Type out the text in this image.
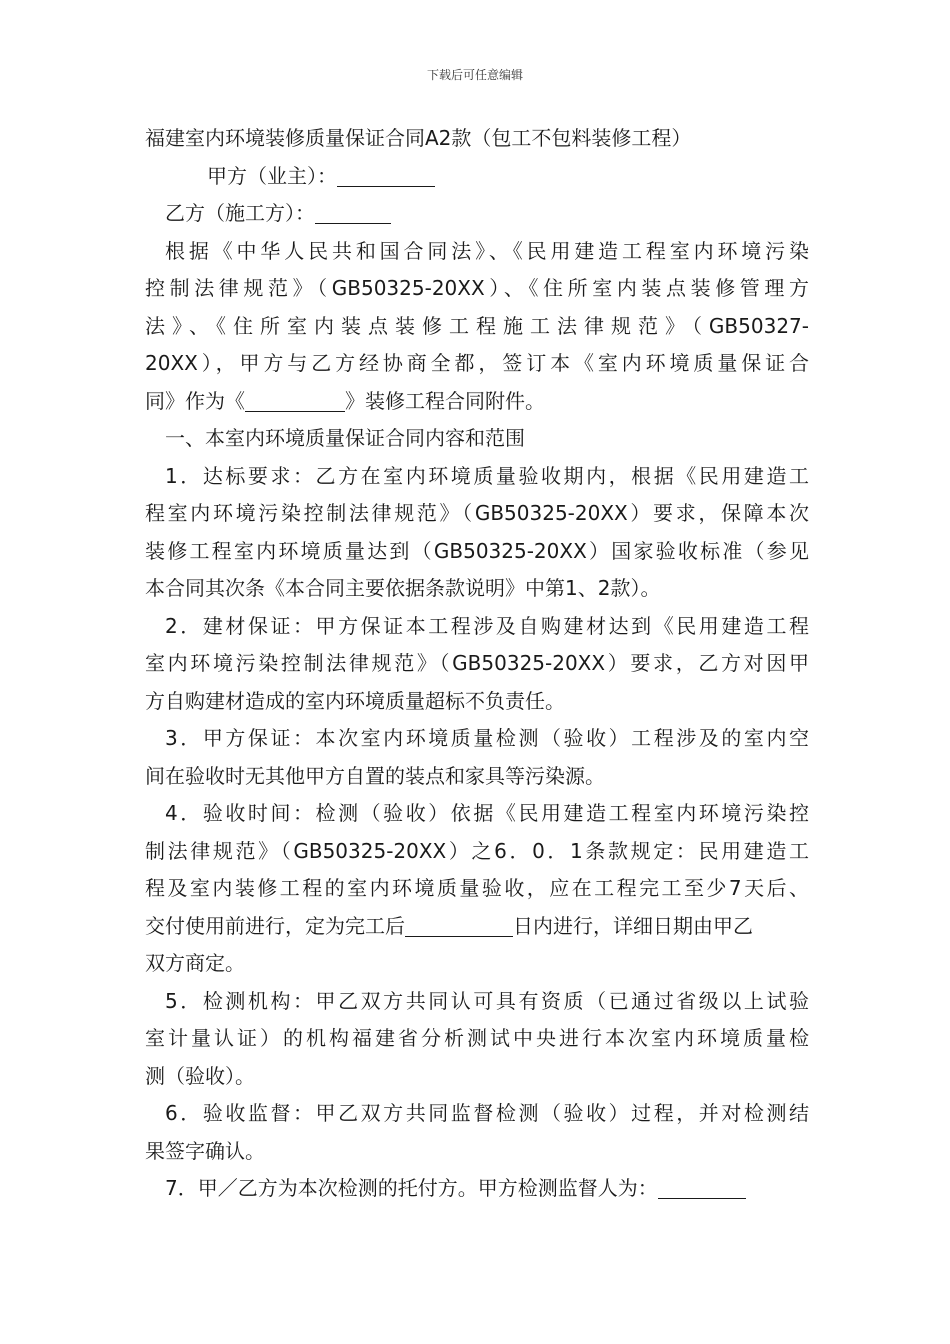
下载后可任意编辑

福建室内环境装修质量保证合同A2款（包工不包料装修工程）

甲方（业主）：

乙方（施工方）：

根据《中华人民共和国合同法》、《民用建造工程室内环境污染

控制法律规范》（GB50325-20XX）、《住所室内装点装修管理方

法》、《住所室内装点装修工程施工法律规范》（GB50327-

20XX），甲方与乙方经协商全都，签订本《室内环境质量保证合

同》作为《	》装修工程合同附件。

一、本室内环境质量保证合同内容和范围

1．达标要求：乙方在室内环境质量验收期内，根据《民用建造工

程室内环境污染控制法律规范》（GB50325-20XX）要求，保障本次

装修工程室内环境质量达到（GB50325-20XX）国家验收标准（参见

本合同其次条《本合同主要依据条款说明》中第1、2款）。

2．建材保证：甲方保证本工程涉及自购建材达到《民用建造工程

室内环境污染控制法律规范》（GB50325-20XX）要求，乙方对因甲

方自购建材造成的室内环境质量超标不负责任。

3．甲方保证：本次室内环境质量检测（验收）工程涉及的室内空

间在验收时无其他甲方自置的装点和家具等污染源。

4．验收时间：检测（验收）依据《民用建造工程室内环境污染控

制法律规范》（GB50325-20XX）之6．0．1条款规定：民用建造工

程及室内装修工程的室内环境质量验收，应在工程完工至少7天后、

交付使用前进行，定为完工后	日内进行，详细日期由甲乙

双方商定。

5．检测机构：甲乙双方共同认可具有资质（已通过省级以上试验

室计量认证）的机构福建省分析测试中央进行本次室内环境质量检

测（验收）。

6．验收监督：甲乙双方共同监督检测（验收）过程，并对检测结

果签字确认。

7．甲／乙方为本次检测的托付方。甲方检测监督人为：
